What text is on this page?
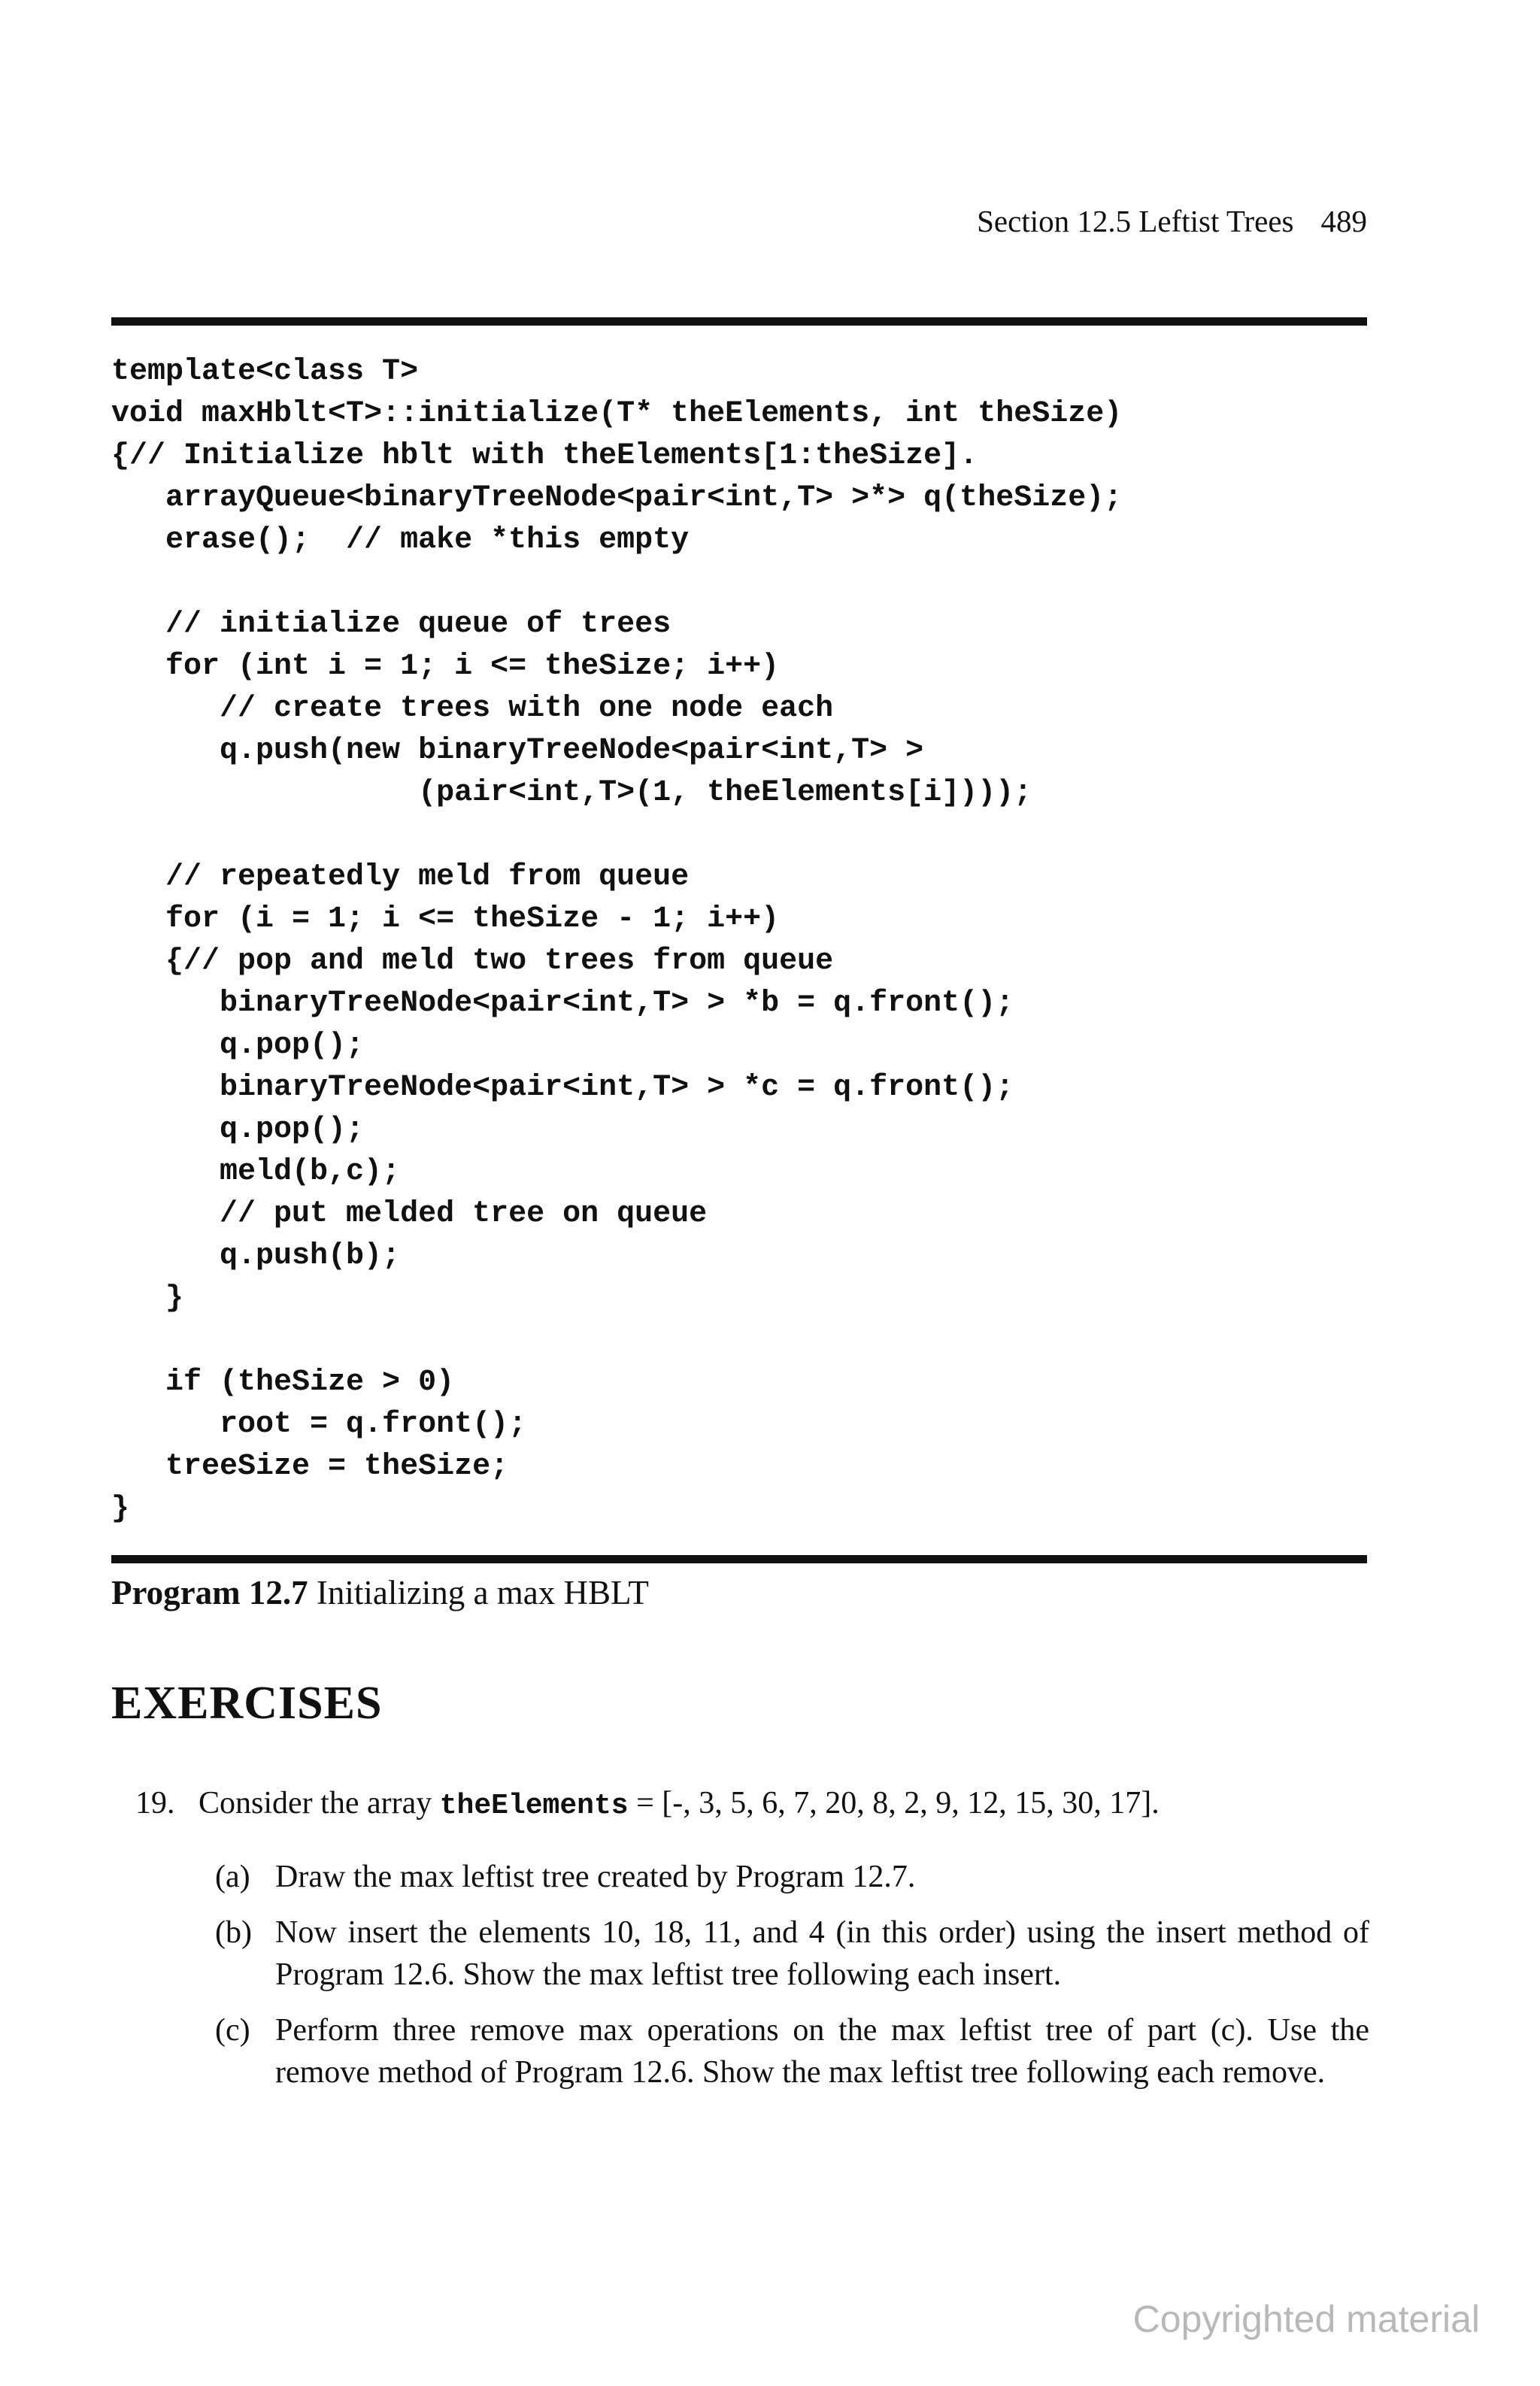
Section 12.5 Leftist Trees 489
template<class T>
void maxHblt<T>::initialize(T* theElements, int theSize)
{// Initialize hblt with theElements[1:theSize].
arrayQueue<binaryTreeNode<pair<int,T> >*> q(theSize);
erase();  // make *this empty
// initialize queue of trees
for (int i = 1; i <= theSize; i++)
// create trees with one node each
q.push(new binaryTreeNode<pair<int,T> >
(pair<int,T>(1, theElements[i])));
// repeatedly meld from queue
for (i = 1; i <= theSize - 1; i++)
{// pop and meld two trees from queue
binaryTreeNode<pair<int,T> > *b = q.front();
q.pop();
binaryTreeNode<pair<int,T> > *c = q.front();
q.pop();
meld(b,c);
// put melded tree on queue
q.push(b);
}
if (theSize > 0)
root = q.front();
treeSize = theSize;
}
Program 12.7 Initializing a max HBLT
EXERCISES
19. Consider the array theElements = [-, 3, 5, 6, 7, 20, 8, 2, 9, 12, 15, 30, 17].
(a) Draw the max leftist tree created by Program 12.7.
(b) Now insert the elements 10, 18, 11, and 4 (in this order) using the insert method of Program 12.6. Show the max leftist tree following each insert.
(c) Perform three remove max operations on the max leftist tree of part (c). Use the remove method of Program 12.6. Show the max leftist tree following each remove.
Copyrighted material
